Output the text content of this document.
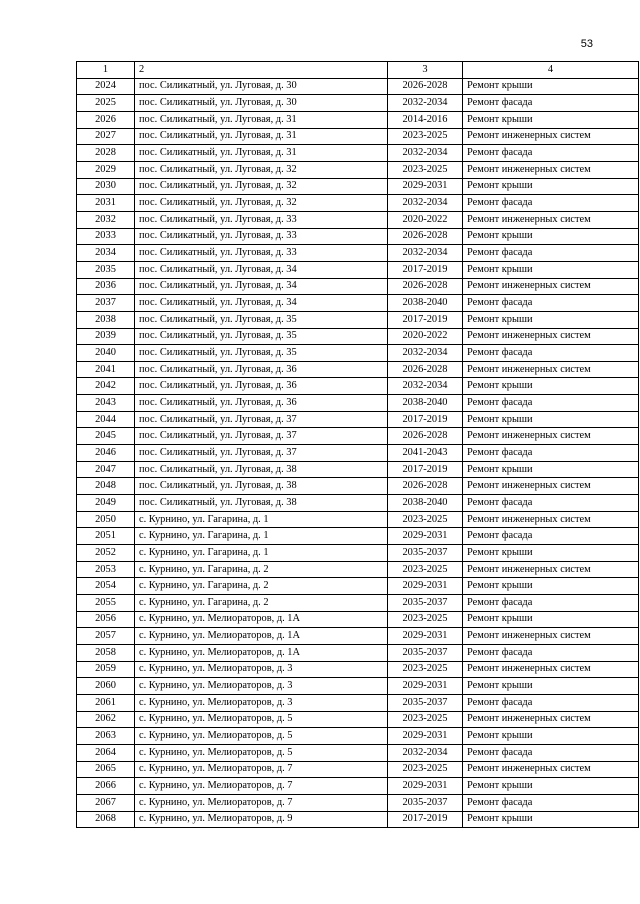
53
1	2	3	4
2024	пос. Силикатный, ул. Луговая, д. 30	2026-2028	Ремонт крыши
2025	пос. Силикатный, ул. Луговая, д. 30	2032-2034	Ремонт фасада
2026	пос. Силикатный, ул. Луговая, д. 31	2014-2016	Ремонт крыши
2027	пос. Силикатный, ул. Луговая, д. 31	2023-2025	Ремонт инженерных систем
2028	пос. Силикатный, ул. Луговая, д. 31	2032-2034	Ремонт фасада
2029	пос. Силикатный, ул. Луговая, д. 32	2023-2025	Ремонт инженерных систем
2030	пос. Силикатный, ул. Луговая, д. 32	2029-2031	Ремонт крыши
2031	пос. Силикатный, ул. Луговая, д. 32	2032-2034	Ремонт фасада
2032	пос. Силикатный, ул. Луговая, д. 33	2020-2022	Ремонт инженерных систем
2033	пос. Силикатный, ул. Луговая, д. 33	2026-2028	Ремонт крыши
2034	пос. Силикатный, ул. Луговая, д. 33	2032-2034	Ремонт фасада
2035	пос. Силикатный, ул. Луговая, д. 34	2017-2019	Ремонт крыши
2036	пос. Силикатный, ул. Луговая, д. 34	2026-2028	Ремонт инженерных систем
2037	пос. Силикатный, ул. Луговая, д. 34	2038-2040	Ремонт фасада
2038	пос. Силикатный, ул. Луговая, д. 35	2017-2019	Ремонт крыши
2039	пос. Силикатный, ул. Луговая, д. 35	2020-2022	Ремонт инженерных систем
2040	пос. Силикатный, ул. Луговая, д. 35	2032-2034	Ремонт фасада
2041	пос. Силикатный, ул. Луговая, д. 36	2026-2028	Ремонт инженерных систем
2042	пос. Силикатный, ул. Луговая, д. 36	2032-2034	Ремонт крыши
2043	пос. Силикатный, ул. Луговая, д. 36	2038-2040	Ремонт фасада
2044	пос. Силикатный, ул. Луговая, д. 37	2017-2019	Ремонт крыши
2045	пос. Силикатный, ул. Луговая, д. 37	2026-2028	Ремонт инженерных систем
2046	пос. Силикатный, ул. Луговая, д. 37	2041-2043	Ремонт фасада
2047	пос. Силикатный, ул. Луговая, д. 38	2017-2019	Ремонт крыши
2048	пос. Силикатный, ул. Луговая, д. 38	2026-2028	Ремонт инженерных систем
2049	пос. Силикатный, ул. Луговая, д. 38	2038-2040	Ремонт фасада
2050	с. Курнино, ул. Гагарина, д. 1	2023-2025	Ремонт инженерных систем
2051	с. Курнино, ул. Гагарина, д. 1	2029-2031	Ремонт фасада
2052	с. Курнино, ул. Гагарина, д. 1	2035-2037	Ремонт крыши
2053	с. Курнино, ул. Гагарина, д. 2	2023-2025	Ремонт инженерных систем
2054	с. Курнино, ул. Гагарина, д. 2	2029-2031	Ремонт крыши
2055	с. Курнино, ул. Гагарина, д. 2	2035-2037	Ремонт фасада
2056	с. Курнино, ул. Мелиораторов, д. 1А	2023-2025	Ремонт крыши
2057	с. Курнино, ул. Мелиораторов, д. 1А	2029-2031	Ремонт инженерных систем
2058	с. Курнино, ул. Мелиораторов, д. 1А	2035-2037	Ремонт фасада
2059	с. Курнино, ул. Мелиораторов, д. 3	2023-2025	Ремонт инженерных систем
2060	с. Курнино, ул. Мелиораторов, д. 3	2029-2031	Ремонт крыши
2061	с. Курнино, ул. Мелиораторов, д. 3	2035-2037	Ремонт фасада
2062	с. Курнино, ул. Мелиораторов, д. 5	2023-2025	Ремонт инженерных систем
2063	с. Курнино, ул. Мелиораторов, д. 5	2029-2031	Ремонт крыши
2064	с. Курнино, ул. Мелиораторов, д. 5	2032-2034	Ремонт фасада
2065	с. Курнино, ул. Мелиораторов, д. 7	2023-2025	Ремонт инженерных систем
2066	с. Курнино, ул. Мелиораторов, д. 7	2029-2031	Ремонт крыши
2067	с. Курнино, ул. Мелиораторов, д. 7	2035-2037	Ремонт фасада
2068	с. Курнино, ул. Мелиораторов, д. 9	2017-2019	Ремонт крыши
